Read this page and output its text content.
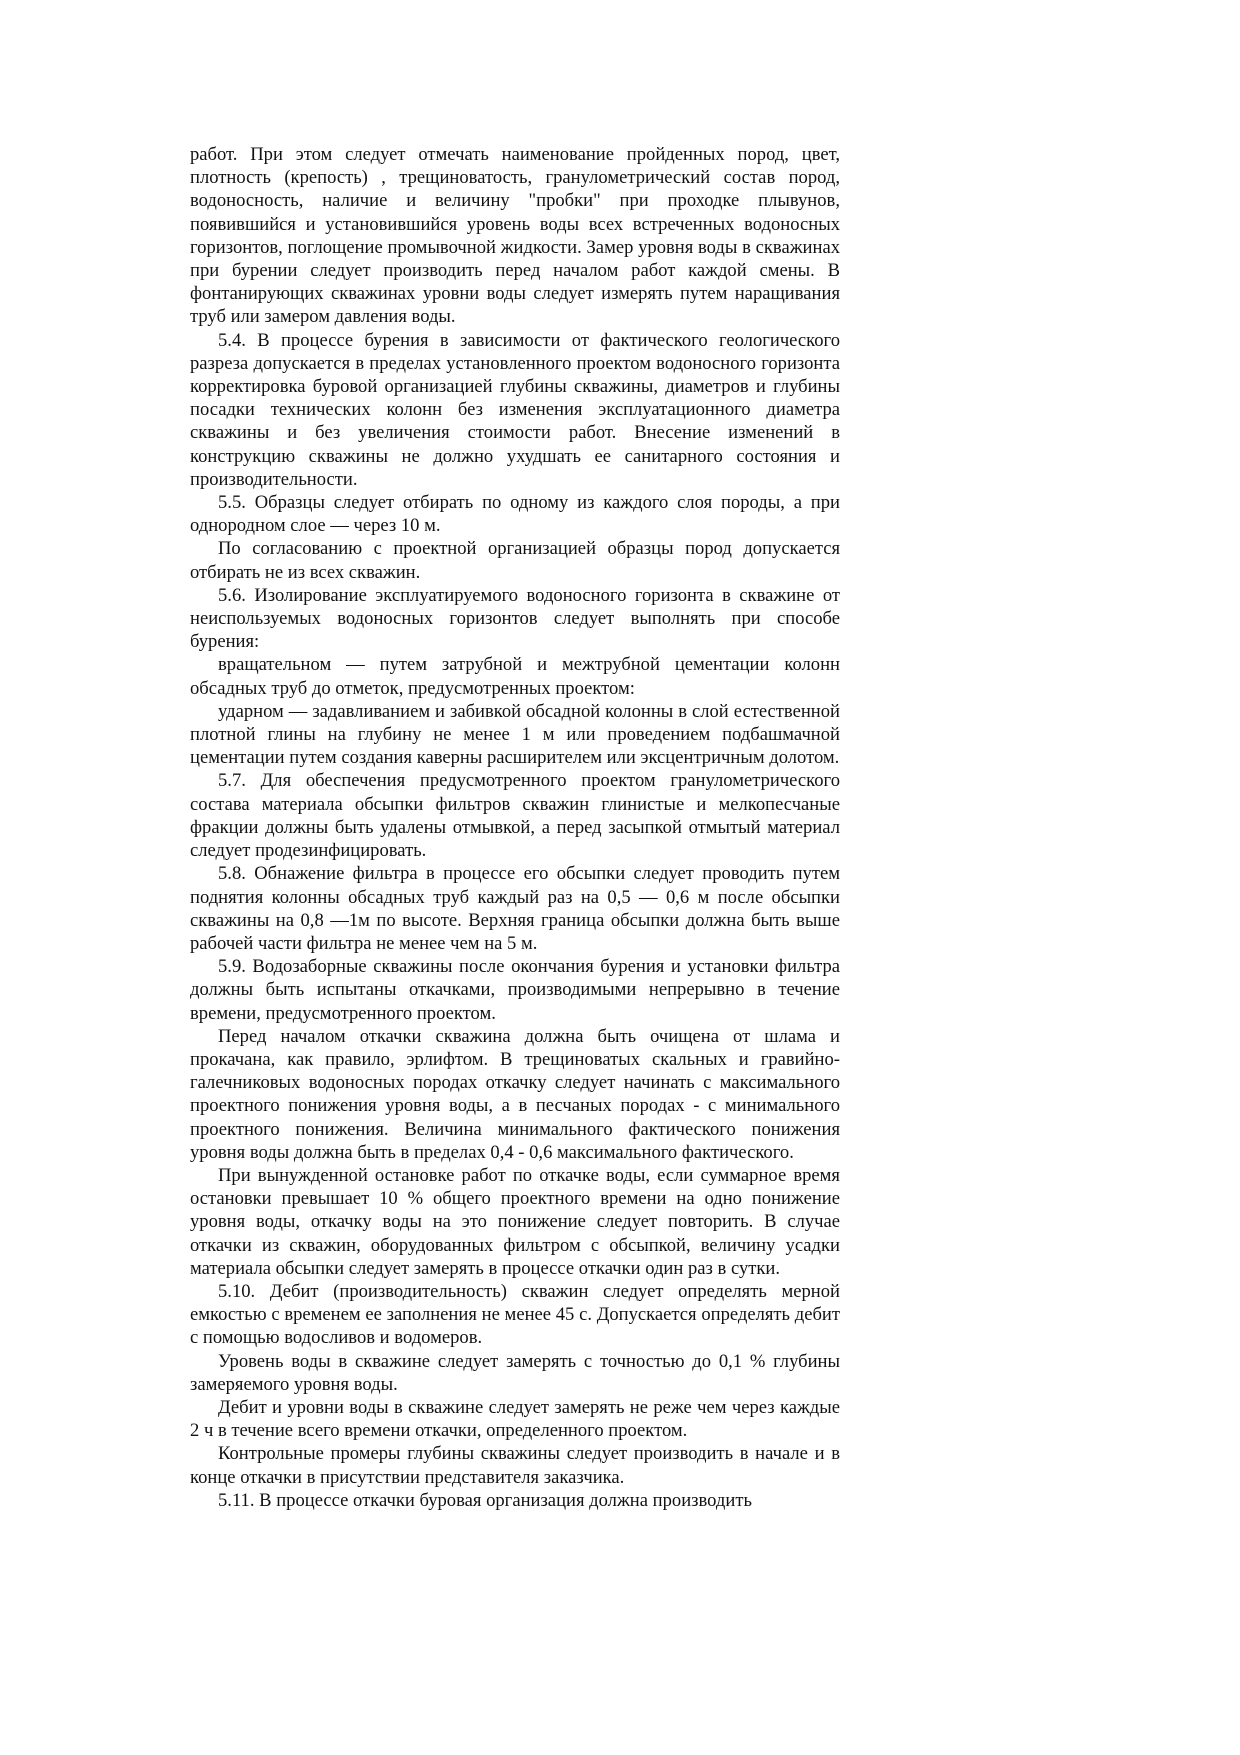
работ. При этом следует отмечать наименование пройденных пород, цвет, плотность (крепость) , трещиноватость, гранулометрический состав пород, водоносность, наличие и величину "пробки" при проходке плывунов, появившийся и установившийся уровень воды всех встреченных водоносных горизонтов, поглощение промывочной жидкости. Замер уровня воды в скважинах при бурении следует производить перед началом работ каждой смены. В фонтанирующих скважинах уровни воды следует измерять путем наращивания труб или замером давления воды.

5.4. В процессе бурения в зависимости от фактического геологического разреза допускается в пределах установленного проектом водоносного горизонта корректировка буровой организацией глубины скважины, диаметров и глубины посадки технических колонн без изменения эксплуатационного диаметра скважины и без увеличения стоимости работ. Внесение изменений в конструкцию скважины не должно ухудшать ее санитарного состояния и производительности.

5.5. Образцы следует отбирать по одному из каждого слоя породы, а при однородном слое — через 10 м.

По согласованию с проектной организацией образцы пород допускается отбирать не из всех скважин.

5.6. Изолирование эксплуатируемого водоносного горизонта в скважине от неиспользуемых водоносных горизонтов следует выполнять при способе бурения:

вращательном — путем затрубной и межтрубной цементации колонн обсадных труб до отметок, предусмотренных проектом:

ударном — задавливанием и забивкой обсадной колонны в слой естественной плотной глины на глубину не менее 1 м или проведением подбашмачной цементации путем создания каверны расширителем или эксцентричным долотом.

5.7. Для обеспечения предусмотренного проектом гранулометрического состава материала обсыпки фильтров скважин глинистые и мелкопесчаные фракции должны быть удалены отмывкой, а перед засыпкой отмытый материал следует продезинфицировать.

5.8. Обнажение фильтра в процессе его обсыпки следует проводить путем поднятия колонны обсадных труб каждый раз на 0,5 — 0,6 м после обсыпки скважины на 0,8 —1м по высоте. Верхняя граница обсыпки должна быть выше рабочей части фильтра не менее чем на 5 м.

5.9. Водозаборные скважины после окончания бурения и установки фильтра должны быть испытаны откачками, производимыми непрерывно в течение времени, предусмотренного проектом.

Перед началом откачки скважина должна быть очищена от шлама и прокачана, как правило, эрлифтом. В трещиноватых скальных и гравийно- галечниковых водоносных породах откачку следует начинать с максимального проектного понижения уровня воды, а в песчаных породах - с минимального проектного понижения. Величина минимального фактического понижения уровня воды должна быть в пределах 0,4 - 0,6 максимального фактического.

При вынужденной остановке работ по откачке воды, если суммарное время остановки превышает 10 % общего проектного времени на одно понижение уровня воды, откачку воды на это понижение следует повторить. В случае откачки из скважин, оборудованных фильтром с обсыпкой, величину усадки материала обсыпки следует замерять в процессе откачки один раз в сутки.

5.10. Дебит (производительность) скважин следует определять мерной емкостью с временем ее заполнения не менее 45 с. Допускается определять дебит с помощью водосливов и водомеров.

Уровень воды в скважине следует замерять с точностью до 0,1 % глубины замеряемого уровня воды.

Дебит и уровни воды в скважине следует замерять не реже чем через каждые 2 ч в течение всего времени откачки, определенного проектом.

Контрольные промеры глубины скважины следует производить в начале и в конце откачки в присутствии представителя заказчика.

5.11. В процессе откачки буровая организация должна производить
